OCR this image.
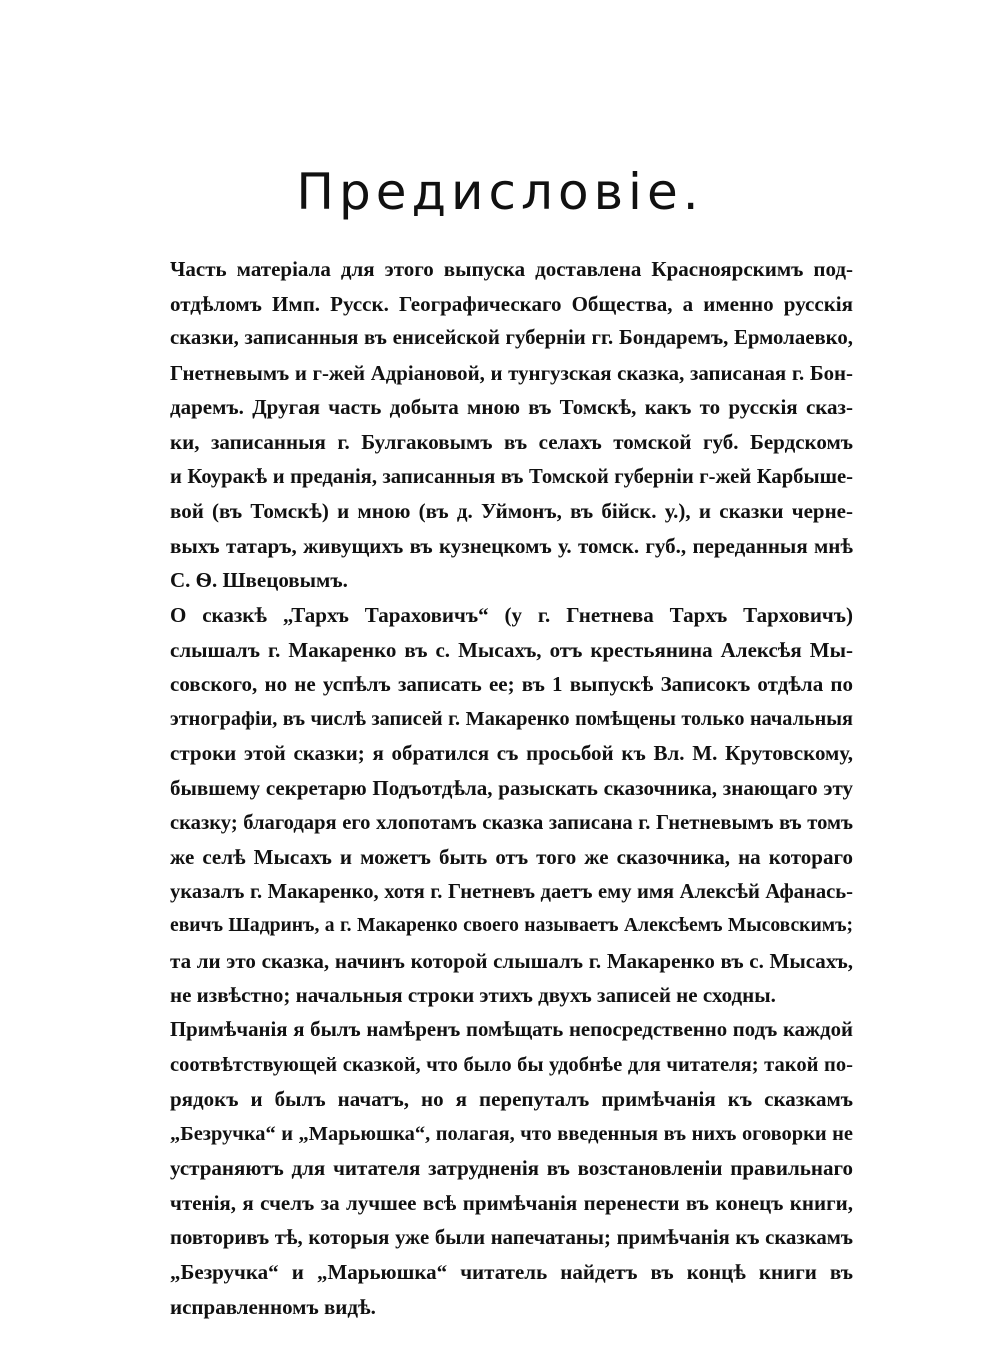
Предисловіе.

Часть матеріала для этого выпуска доставлена Красноярскимъ под-
отдѣломъ Имп. Русск. Географическаго Общества, а именно русскія
сказки, записанныя въ енисейской губерніи гг. Бондаремъ, Ермолаевко,
Гнетневымъ и г-жей Адріановой, и тунгузская сказка, записаная г. Бон-
даремъ. Другая часть добыта мною въ Томскѣ, какъ то русскія сказ-
ки, записанныя г. Булгаковымъ въ селахъ томской губ. Бердскомъ
и Коуракѣ и преданія, записанныя въ Томской губерніи г-жей Карбыше-
вой (въ Томскѣ) и мною (въ д. Уймонъ, въ бійск. у.), и сказки черне-
выхъ татаръ, живущихъ въ кузнецкомъ у. томск. губ., переданныя мнѣ
С. Ѳ. Швецовымъ.

О сказкѣ „Тархъ Тараховичъ“ (у г. Гнетнева Тархъ Тарховичъ)
слышалъ г. Макаренко въ с. Мысахъ, отъ крестьянина Алексѣя Мы-
совского, но не успѣлъ записать ее; въ 1 выпускѣ Записокъ отдѣла по
этнографіи, въ числѣ записей г. Макаренко помѣщены только начальныя
строки этой сказки; я обратился съ просьбой къ Вл. М. Крутовскому,
бывшему секретарю Подъотдѣла, разыскать сказочника, знающаго эту
сказку; благодаря его хлопотамъ сказка записана г. Гнетневымъ въ томъ
же селѣ Мысахъ и можетъ быть отъ того же сказочника, на котораго
указалъ г. Макаренко, хотя г. Гнетневъ даетъ ему имя Алексѣй Афанась-
евичъ Шадринъ, а г. Макаренко своего называетъ Алексѣемъ Мысовскимъ;
та ли это сказка, начинъ которой слышалъ г. Макаренко въ с. Мысахъ,
не извѣстно; начальныя строки этихъ двухъ записей не сходны.

Примѣчанія я былъ намѣренъ помѣщать непосредственно подъ каждой
соотвѣтствующей сказкой, что было бы удобнѣе для читателя; такой по-
рядокъ и былъ начатъ, но я перепуталъ примѣчанія къ сказкамъ
„Безручка“ и „Марьюшка“, полагая, что введенныя въ нихъ оговорки не
устраняютъ для читателя затрудненія въ возстановленіи правильнаго
чтенія, я счелъ за лучшее всѣ примѣчанія перенести въ конецъ книги,
повторивъ тѣ, которыя уже были напечатаны; примѣчанія къ сказкамъ
„Безручка“ и „Марьюшка“ читатель найдетъ въ концѣ книги въ
исправленномъ видѣ.
